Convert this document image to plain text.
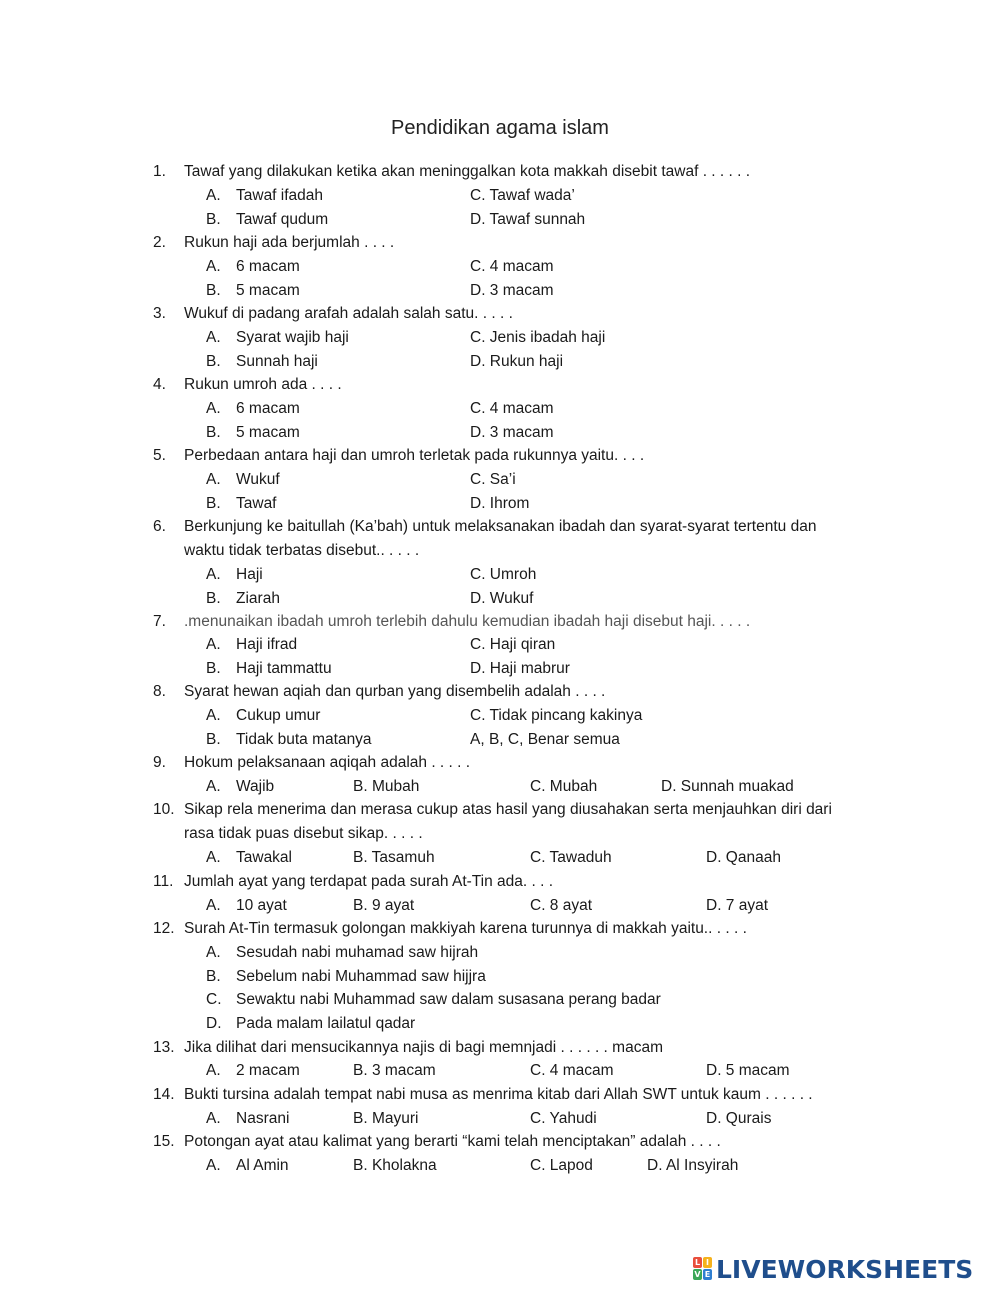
Pendidikan agama islam
1. Tawaf yang dilakukan ketika akan meninggalkan kota makkah disebit tawaf . . . . . .
A. Tawaf ifadah	C. Tawaf wada’
B. Tawaf qudum	D. Tawaf sunnah
2. Rukun haji ada berjumlah . . . .
A. 6 macam	C. 4 macam
B. 5 macam	D. 3 macam
3. Wukuf di padang arafah adalah salah satu. . . . .
A. Syarat wajib haji	C. Jenis ibadah haji
B. Sunnah haji	D. Rukun haji
4. Rukun umroh ada . . . .
A. 6 macam	C. 4 macam
B. 5 macam	D. 3 macam
5. Perbedaan antara haji dan umroh terletak pada rukunnya yaitu. . . .
A. Wukuf	C. Sa’i
B. Tawaf	D. Ihrom
6. Berkunjung ke baitullah (Ka’bah) untuk melaksanakan ibadah dan syarat-syarat tertentu dan
waktu tidak terbatas disebut.. . . . .
A. Haji	C. Umroh
B. Ziarah	D. Wukuf
7. .menunaikan ibadah umroh terlebih dahulu kemudian ibadah haji disebut haji. . . . .
A. Haji ifrad	C. Haji qiran
B. Haji tammattu	D. Haji mabrur
8. Syarat hewan aqiah dan qurban yang disembelih adalah . . . .
A. Cukup umur	C. Tidak pincang kakinya
B. Tidak buta matanya	A, B, C, Benar semua
9. Hokum pelaksanaan aqiqah adalah . . . . .
A. Wajib	B. Mubah	C. Mubah	D. Sunnah muakad
10. Sikap rela menerima dan merasa cukup atas hasil yang diusahakan serta menjauhkan diri dari
rasa tidak puas disebut sikap. . . . .
A. Tawakal	B. Tasamuh	C. Tawaduh	D. Qanaah
11. Jumlah ayat yang terdapat pada surah At-Tin ada. . . .
A. 10 ayat	B. 9 ayat	C. 8 ayat	D. 7 ayat
12. Surah At-Tin termasuk golongan makkiyah karena turunnya di makkah yaitu.. . . . .
A. Sesudah nabi muhamad saw hijrah
B. Sebelum nabi Muhammad saw hijjra
C. Sewaktu nabi Muhammad saw dalam susasana perang badar
D. Pada malam lailatul qadar
13. Jika dilihat dari mensucikannya najis di bagi memnjadi . . . . . . macam
A. 2 macam	B. 3 macam	C. 4 macam	D. 5 macam
14. Bukti tursina adalah tempat nabi musa as menrima kitab dari Allah SWT untuk kaum . . . . . .
A. Nasrani	B. Mayuri	C. Yahudi	D. Qurais
15. Potongan ayat atau kalimat yang berarti “kami telah menciptakan” adalah . . . .
A. Al Amin	B. Kholakna	C. Lapod	D. Al Insyirah
L I
V E LIVEWORKSHEETS
